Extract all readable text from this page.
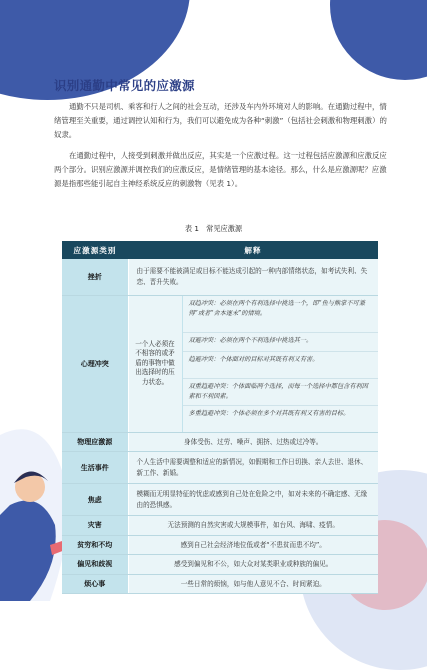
识别通勤中常见的应激源
通勤不只是司机、乘客和行人之间的社会互动，还涉及车内外环境对人的影响。在通勤过程中，情绪管理至关重要，通过调控认知和行为，我们可以避免成为各种“刺激”（包括社会刺激和物理刺激）的奴隶。
在通勤过程中，人接受到刺激并做出反应，其实是一个应激过程。这一过程包括应激源和应激反应两个部分。识别应激源并调控我们的应激反应，是情绪管理的基本途径。那么，什么是应激源呢？应激源是指那些能引起自主神经系统反应的刺激物（见表 1）。
表 1　常见应激源
应激源类别	解释	
挫折	由于需要不能被满足或目标不能达成引起的一种内部情绪状态，如考试失利、失恋、晋升失败。	
心理冲突	一个人必须在不相容的或矛盾的事物中做出选择时的压力状态。	双趋冲突：必须在两个有利选择中挑选一个，即“鱼与熊掌不可兼得”或者“舍本逐末”的情境。
双避冲突：必须在两个不利选择中挑选其一。
趋避冲突：个体面对的目标对其既有利又有害。
双重趋避冲突：个体面临两个选择，而每一个选择中都包含有利因素和不利因素。
多重趋避冲突：个体必须在多个对其既有利又有害的目标。

物理应激源	身体受伤、过劳、噪声、拥挤、过热或过冷等。	
生活事件	个人生活中需要调整和适应的新情况，如假期和工作日切换、亲人去世、退休、新工作、新婚。	
焦虑	模糊而无明显特征的忧虑或感到自己处在危险之中，如对未来的不确定感、无缘由的恐惧感。	
灾害	无法预测的自然灾害或大规模事件，如台风、海啸、疫情。	
贫穷和不均	感到自己社会经济地位低或者“不患贫而患不均”。	
偏见和歧视	感受到偏见和不公，如大众对某类职业或种族的偏见。	
烦心事	一些日常的烦恼，如与他人意见不合、时间紧迫。	
